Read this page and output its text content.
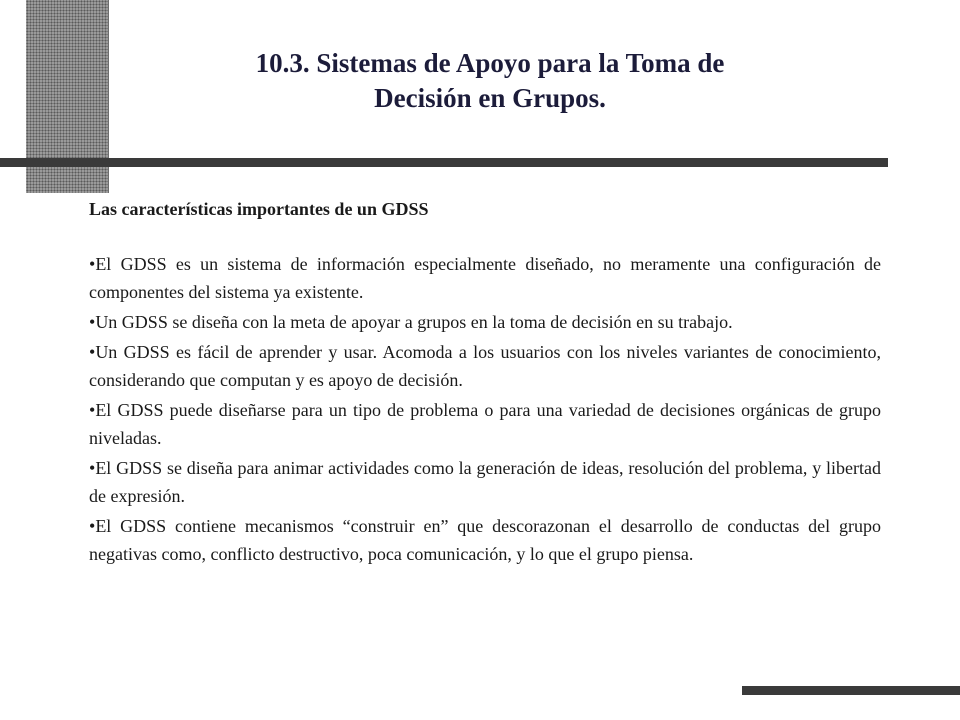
10.3. Sistemas de Apoyo para la Toma de
Decisión en Grupos.

Las características importantes de un GDSS

•El GDSS es un sistema de información especialmente diseñado, no meramente una configuración de componentes del sistema ya existente.
•Un GDSS se diseña con la meta de apoyar a grupos en la toma de decisión en su trabajo.
•Un GDSS es fácil de aprender y usar. Acomoda a los usuarios con los niveles variantes de conocimiento, considerando que computan y es apoyo de decisión.
•El GDSS puede diseñarse para un tipo de problema o para una variedad de decisiones orgánicas de grupo niveladas.
•El GDSS se diseña para animar actividades como la generación de ideas, resolución del problema, y libertad de expresión.
•El GDSS contiene mecanismos “construir en” que descorazonan el desarrollo de conductas del grupo negativas como, conflicto destructivo, poca comunicación, y lo que el grupo piensa.
